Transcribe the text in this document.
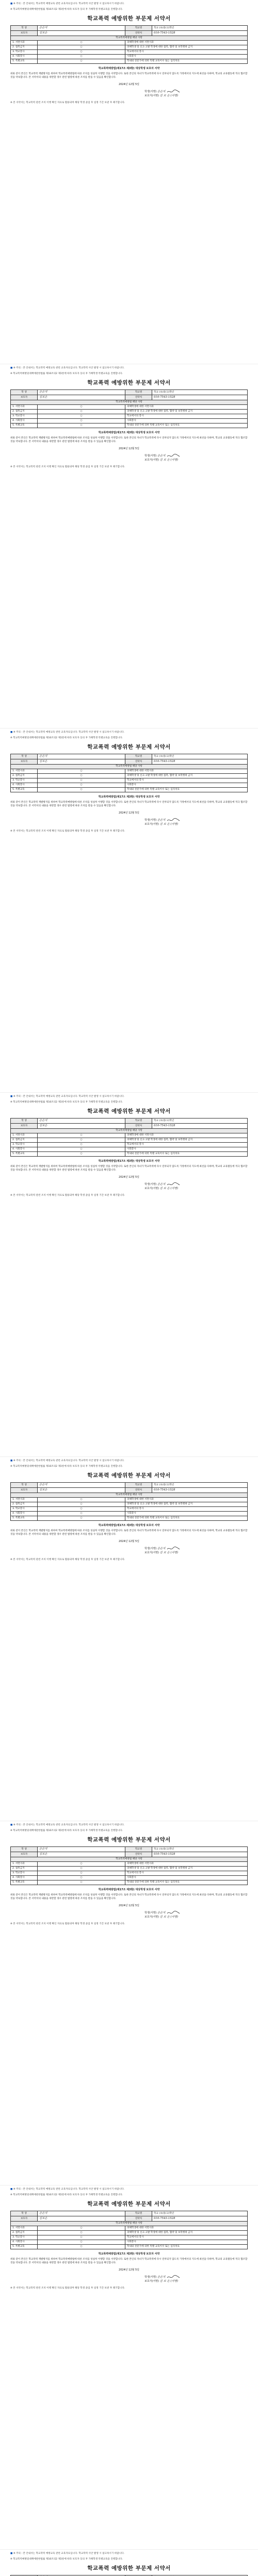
■ ※ 주의 : 본 안내서는 학교폭력 예방교육 관련 교육자료입니다. 학교폭력 사안 발생 시 참고하시기 바랍니다.
※ 학교폭력예방및대책에관한법률 제16조의2 제1항에 따라 보호자 동의 후 가해학생 특별교육을 진행합니다.
학교폭력 예방위한 부문제 서약서
학 생	손은지	학교명	학교 (초/중/고)학년
보호자	김로은	연락처	010-7543-1528
학교폭력예방법 해당 사항			
1. 서면사과	○	피해학생에 대한 서면사과	
2. 접촉금지	○	피해학생 및 신고·고발 학생에 대한 접촉, 협박 및 보복행위 금지	
3. 학교봉사	○	학교에서의 봉사	
4. 사회봉사	○	사회봉사	
5. 특별교육	○	학내외 전문가에 의한 특별 교육이수 또는 심리치료	
학교폭력예방법(제17조 제3항) 대상학생 보호자 서약
위와 같이 본인은 학교폭력 재발방지를 위하여 학교폭력예방법에 따른 조치를 성실히 이행할 것을 서약합니다. 또한 본인의 자녀가 학교폭력에 다시 연루되지 않도록 가정에서의 지도에 최선을 다하며, 학교의 교육활동에 적극 협조할 것을 약속합니다. 본 서약서의 내용을 위반할 경우 관련 법령에 따른 조치를 받을 수 있음을 확인합니다.
2024년 12월 5일
학생(서명) 손은지
보호자(서명) 김 로 은 (서명)
※ 본 서약서는 학교폭력 관련 조치 이행 확인 자료로 활용되며 해당 학생 졸업 후 일정 기간 보관 후 폐기합니다.
■ ※ 주의 : 본 안내서는 학교폭력 예방교육 관련 교육자료입니다. 학교폭력 사안 발생 시 참고하시기 바랍니다.
※ 학교폭력예방및대책에관한법률 제16조의2 제1항에 따라 보호자 동의 후 가해학생 특별교육을 진행합니다.
학교폭력 예방위한 부문제 서약서
학 생	손은지	학교명	학교 (초/중/고)학년
보호자	김로은	연락처	010-7543-1528
학교폭력예방법 해당 사항			
1. 서면사과	○	피해학생에 대한 서면사과	
2. 접촉금지	○	피해학생 및 신고·고발 학생에 대한 접촉, 협박 및 보복행위 금지	
3. 학교봉사	○	학교에서의 봉사	
4. 사회봉사	○	사회봉사	
5. 특별교육	○	학내외 전문가에 의한 특별 교육이수 또는 심리치료	
학교폭력예방법(제17조 제3항) 대상학생 보호자 서약
위와 같이 본인은 학교폭력 재발방지를 위하여 학교폭력예방법에 따른 조치를 성실히 이행할 것을 서약합니다. 또한 본인의 자녀가 학교폭력에 다시 연루되지 않도록 가정에서의 지도에 최선을 다하며, 학교의 교육활동에 적극 협조할 것을 약속합니다. 본 서약서의 내용을 위반할 경우 관련 법령에 따른 조치를 받을 수 있음을 확인합니다.
2024년 12월 5일
학생(서명) 손은지
보호자(서명) 김 로 은 (서명)
※ 본 서약서는 학교폭력 관련 조치 이행 확인 자료로 활용되며 해당 학생 졸업 후 일정 기간 보관 후 폐기합니다.
■ ※ 주의 : 본 안내서는 학교폭력 예방교육 관련 교육자료입니다. 학교폭력 사안 발생 시 참고하시기 바랍니다.
※ 학교폭력예방및대책에관한법률 제16조의2 제1항에 따라 보호자 동의 후 가해학생 특별교육을 진행합니다.
학교폭력 예방위한 부문제 서약서
학 생	손은지	학교명	학교 (초/중/고)학년
보호자	김로은	연락처	010-7543-1528
학교폭력예방법 해당 사항			
1. 서면사과	○	피해학생에 대한 서면사과	
2. 접촉금지	○	피해학생 및 신고·고발 학생에 대한 접촉, 협박 및 보복행위 금지	
3. 학교봉사	○	학교에서의 봉사	
4. 사회봉사	○	사회봉사	
5. 특별교육	○	학내외 전문가에 의한 특별 교육이수 또는 심리치료	
학교폭력예방법(제17조 제3항) 대상학생 보호자 서약
위와 같이 본인은 학교폭력 재발방지를 위하여 학교폭력예방법에 따른 조치를 성실히 이행할 것을 서약합니다. 또한 본인의 자녀가 학교폭력에 다시 연루되지 않도록 가정에서의 지도에 최선을 다하며, 학교의 교육활동에 적극 협조할 것을 약속합니다. 본 서약서의 내용을 위반할 경우 관련 법령에 따른 조치를 받을 수 있음을 확인합니다.
2024년 12월 5일
학생(서명) 손은지
보호자(서명) 김 로 은 (서명)
※ 본 서약서는 학교폭력 관련 조치 이행 확인 자료로 활용되며 해당 학생 졸업 후 일정 기간 보관 후 폐기합니다.
■ ※ 주의 : 본 안내서는 학교폭력 예방교육 관련 교육자료입니다. 학교폭력 사안 발생 시 참고하시기 바랍니다.
※ 학교폭력예방및대책에관한법률 제16조의2 제1항에 따라 보호자 동의 후 가해학생 특별교육을 진행합니다.
학교폭력 예방위한 부문제 서약서
학 생	손은지	학교명	학교 (초/중/고)학년
보호자	김로은	연락처	010-7543-1528
학교폭력예방법 해당 사항			
1. 서면사과	○	피해학생에 대한 서면사과	
2. 접촉금지	○	피해학생 및 신고·고발 학생에 대한 접촉, 협박 및 보복행위 금지	
3. 학교봉사	○	학교에서의 봉사	
4. 사회봉사	○	사회봉사	
5. 특별교육	○	학내외 전문가에 의한 특별 교육이수 또는 심리치료	
학교폭력예방법(제17조 제3항) 대상학생 보호자 서약
위와 같이 본인은 학교폭력 재발방지를 위하여 학교폭력예방법에 따른 조치를 성실히 이행할 것을 서약합니다. 또한 본인의 자녀가 학교폭력에 다시 연루되지 않도록 가정에서의 지도에 최선을 다하며, 학교의 교육활동에 적극 협조할 것을 약속합니다. 본 서약서의 내용을 위반할 경우 관련 법령에 따른 조치를 받을 수 있음을 확인합니다.
2024년 12월 5일
학생(서명) 손은지
보호자(서명) 김 로 은 (서명)
※ 본 서약서는 학교폭력 관련 조치 이행 확인 자료로 활용되며 해당 학생 졸업 후 일정 기간 보관 후 폐기합니다.
■ ※ 주의 : 본 안내서는 학교폭력 예방교육 관련 교육자료입니다. 학교폭력 사안 발생 시 참고하시기 바랍니다.
※ 학교폭력예방및대책에관한법률 제16조의2 제1항에 따라 보호자 동의 후 가해학생 특별교육을 진행합니다.
학교폭력 예방위한 부문제 서약서
학 생	손은지	학교명	학교 (초/중/고)학년
보호자	김로은	연락처	010-7543-1528
학교폭력예방법 해당 사항			
1. 서면사과	○	피해학생에 대한 서면사과	
2. 접촉금지	○	피해학생 및 신고·고발 학생에 대한 접촉, 협박 및 보복행위 금지	
3. 학교봉사	○	학교에서의 봉사	
4. 사회봉사	○	사회봉사	
5. 특별교육	○	학내외 전문가에 의한 특별 교육이수 또는 심리치료	
학교폭력예방법(제17조 제3항) 대상학생 보호자 서약
위와 같이 본인은 학교폭력 재발방지를 위하여 학교폭력예방법에 따른 조치를 성실히 이행할 것을 서약합니다. 또한 본인의 자녀가 학교폭력에 다시 연루되지 않도록 가정에서의 지도에 최선을 다하며, 학교의 교육활동에 적극 협조할 것을 약속합니다. 본 서약서의 내용을 위반할 경우 관련 법령에 따른 조치를 받을 수 있음을 확인합니다.
2024년 12월 5일
학생(서명) 손은지
보호자(서명) 김 로 은 (서명)
※ 본 서약서는 학교폭력 관련 조치 이행 확인 자료로 활용되며 해당 학생 졸업 후 일정 기간 보관 후 폐기합니다.
■ ※ 주의 : 본 안내서는 학교폭력 예방교육 관련 교육자료입니다. 학교폭력 사안 발생 시 참고하시기 바랍니다.
※ 학교폭력예방및대책에관한법률 제16조의2 제1항에 따라 보호자 동의 후 가해학생 특별교육을 진행합니다.
학교폭력 예방위한 부문제 서약서
학 생	손은지	학교명	학교 (초/중/고)학년
보호자	김로은	연락처	010-7543-1528
학교폭력예방법 해당 사항			
1. 서면사과	○	피해학생에 대한 서면사과	
2. 접촉금지	○	피해학생 및 신고·고발 학생에 대한 접촉, 협박 및 보복행위 금지	
3. 학교봉사	○	학교에서의 봉사	
4. 사회봉사	○	사회봉사	
5. 특별교육	○	학내외 전문가에 의한 특별 교육이수 또는 심리치료	
학교폭력예방법(제17조 제3항) 대상학생 보호자 서약
위와 같이 본인은 학교폭력 재발방지를 위하여 학교폭력예방법에 따른 조치를 성실히 이행할 것을 서약합니다. 또한 본인의 자녀가 학교폭력에 다시 연루되지 않도록 가정에서의 지도에 최선을 다하며, 학교의 교육활동에 적극 협조할 것을 약속합니다. 본 서약서의 내용을 위반할 경우 관련 법령에 따른 조치를 받을 수 있음을 확인합니다.
2024년 12월 5일
학생(서명) 손은지
보호자(서명) 김 로 은 (서명)
※ 본 서약서는 학교폭력 관련 조치 이행 확인 자료로 활용되며 해당 학생 졸업 후 일정 기간 보관 후 폐기합니다.
■ ※ 주의 : 본 안내서는 학교폭력 예방교육 관련 교육자료입니다. 학교폭력 사안 발생 시 참고하시기 바랍니다.
※ 학교폭력예방및대책에관한법률 제16조의2 제1항에 따라 보호자 동의 후 가해학생 특별교육을 진행합니다.
학교폭력 예방위한 부문제 서약서
학 생	손은지	학교명	학교 (초/중/고)학년
보호자	김로은	연락처	010-7543-1528
학교폭력예방법 해당 사항			
1. 서면사과	○	피해학생에 대한 서면사과	
2. 접촉금지	○	피해학생 및 신고·고발 학생에 대한 접촉, 협박 및 보복행위 금지	
3. 학교봉사	○	학교에서의 봉사	
4. 사회봉사	○	사회봉사	
5. 특별교육	○	학내외 전문가에 의한 특별 교육이수 또는 심리치료	
학교폭력예방법(제17조 제3항) 대상학생 보호자 서약
위와 같이 본인은 학교폭력 재발방지를 위하여 학교폭력예방법에 따른 조치를 성실히 이행할 것을 서약합니다. 또한 본인의 자녀가 학교폭력에 다시 연루되지 않도록 가정에서의 지도에 최선을 다하며, 학교의 교육활동에 적극 협조할 것을 약속합니다. 본 서약서의 내용을 위반할 경우 관련 법령에 따른 조치를 받을 수 있음을 확인합니다.
2024년 12월 5일
학생(서명) 손은지
보호자(서명) 김 로 은 (서명)
※ 본 서약서는 학교폭력 관련 조치 이행 확인 자료로 활용되며 해당 학생 졸업 후 일정 기간 보관 후 폐기합니다.
■ ※ 주의 : 본 안내서는 학교폭력 예방교육 관련 교육자료입니다. 학교폭력 사안 발생 시 참고하시기 바랍니다.
※ 학교폭력예방및대책에관한법률 제16조의2 제1항에 따라 보호자 동의 후 가해학생 특별교육을 진행합니다.
학교폭력 예방위한 부문제 서약서
